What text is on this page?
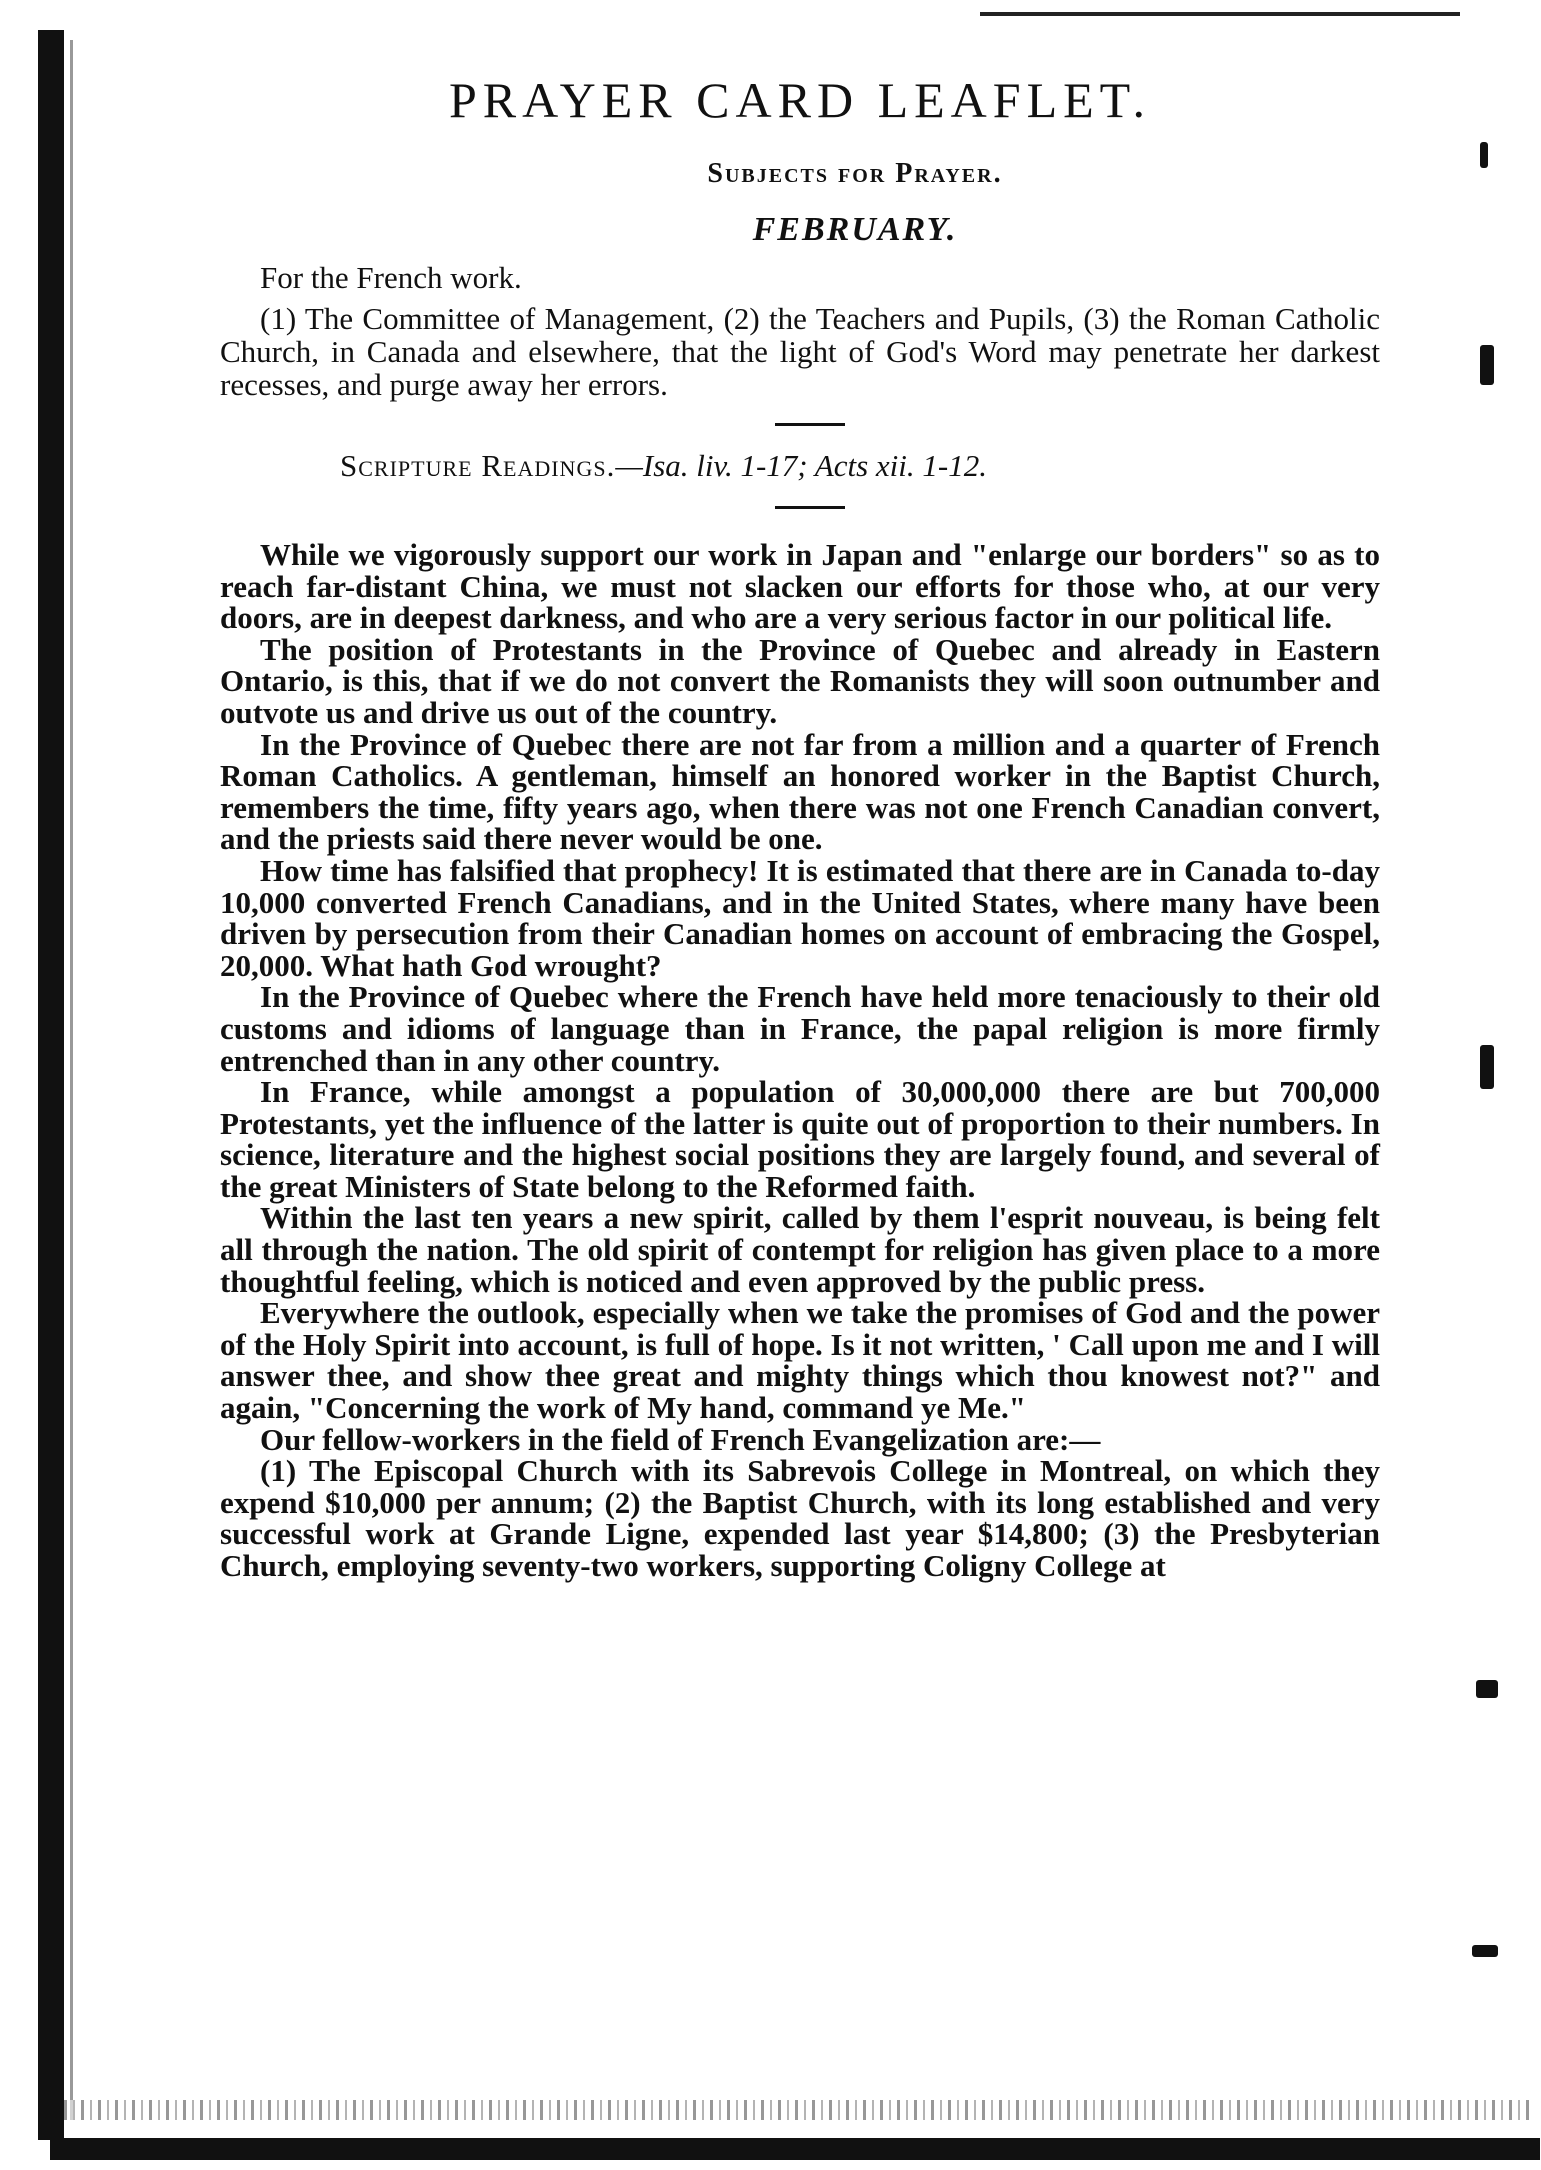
PRAYER CARD LEAFLET.
Subjects for Prayer.
FEBRUARY.
For the French work.

(1) The Committee of Management, (2) the Teachers and Pupils, (3) the Roman Catholic Church, in Canada and elsewhere, that the light of God's Word may penetrate her darkest recesses, and purge away her errors.

Scripture Readings.—Isa. liv. 1-17; Acts xii. 1-12.

While we vigorously support our work in Japan and "enlarge our borders" so as to reach far-distant China, we must not slacken our efforts for those who, at our very doors, are in deepest darkness, and who are a very serious factor in our political life.

The position of Protestants in the Province of Quebec and already in Eastern Ontario, is this, that if we do not convert the Romanists they will soon outnumber and outvote us and drive us out of the country.

In the Province of Quebec there are not far from a million and a quarter of French Roman Catholics. A gentleman, himself an honored worker in the Baptist Church, remembers the time, fifty years ago, when there was not one French Canadian convert, and the priests said there never would be one.

How time has falsified that prophecy! It is estimated that there are in Canada to-day 10,000 converted French Canadians, and in the United States, where many have been driven by persecution from their Canadian homes on account of embracing the Gospel, 20,000. What hath God wrought?

In the Province of Quebec where the French have held more tenaciously to their old customs and idioms of language than in France, the papal religion is more firmly entrenched than in any other country.

In France, while amongst a population of 30,000,000 there are but 700,000 Protestants, yet the influence of the latter is quite out of proportion to their numbers. In science, literature and the highest social positions they are largely found, and several of the great Ministers of State belong to the Reformed faith.

Within the last ten years a new spirit, called by them l'esprit nouveau, is being felt all through the nation. The old spirit of contempt for religion has given place to a more thoughtful feeling, which is noticed and even approved by the public press.

Everywhere the outlook, especially when we take the promises of God and the power of the Holy Spirit into account, is full of hope. Is it not written, ' Call upon me and I will answer thee, and show thee great and mighty things which thou knowest not?" and again, "Concerning the work of My hand, command ye Me."

Our fellow-workers in the field of French Evangelization are:—

(1) The Episcopal Church with its Sabrevois College in Montreal, on which they expend $10,000 per annum; (2) the Baptist Church, with its long established and very successful work at Grande Ligne, expended last year $14,800; (3) the Presbyterian Church, employing seventy-two workers, supporting Coligny College at
